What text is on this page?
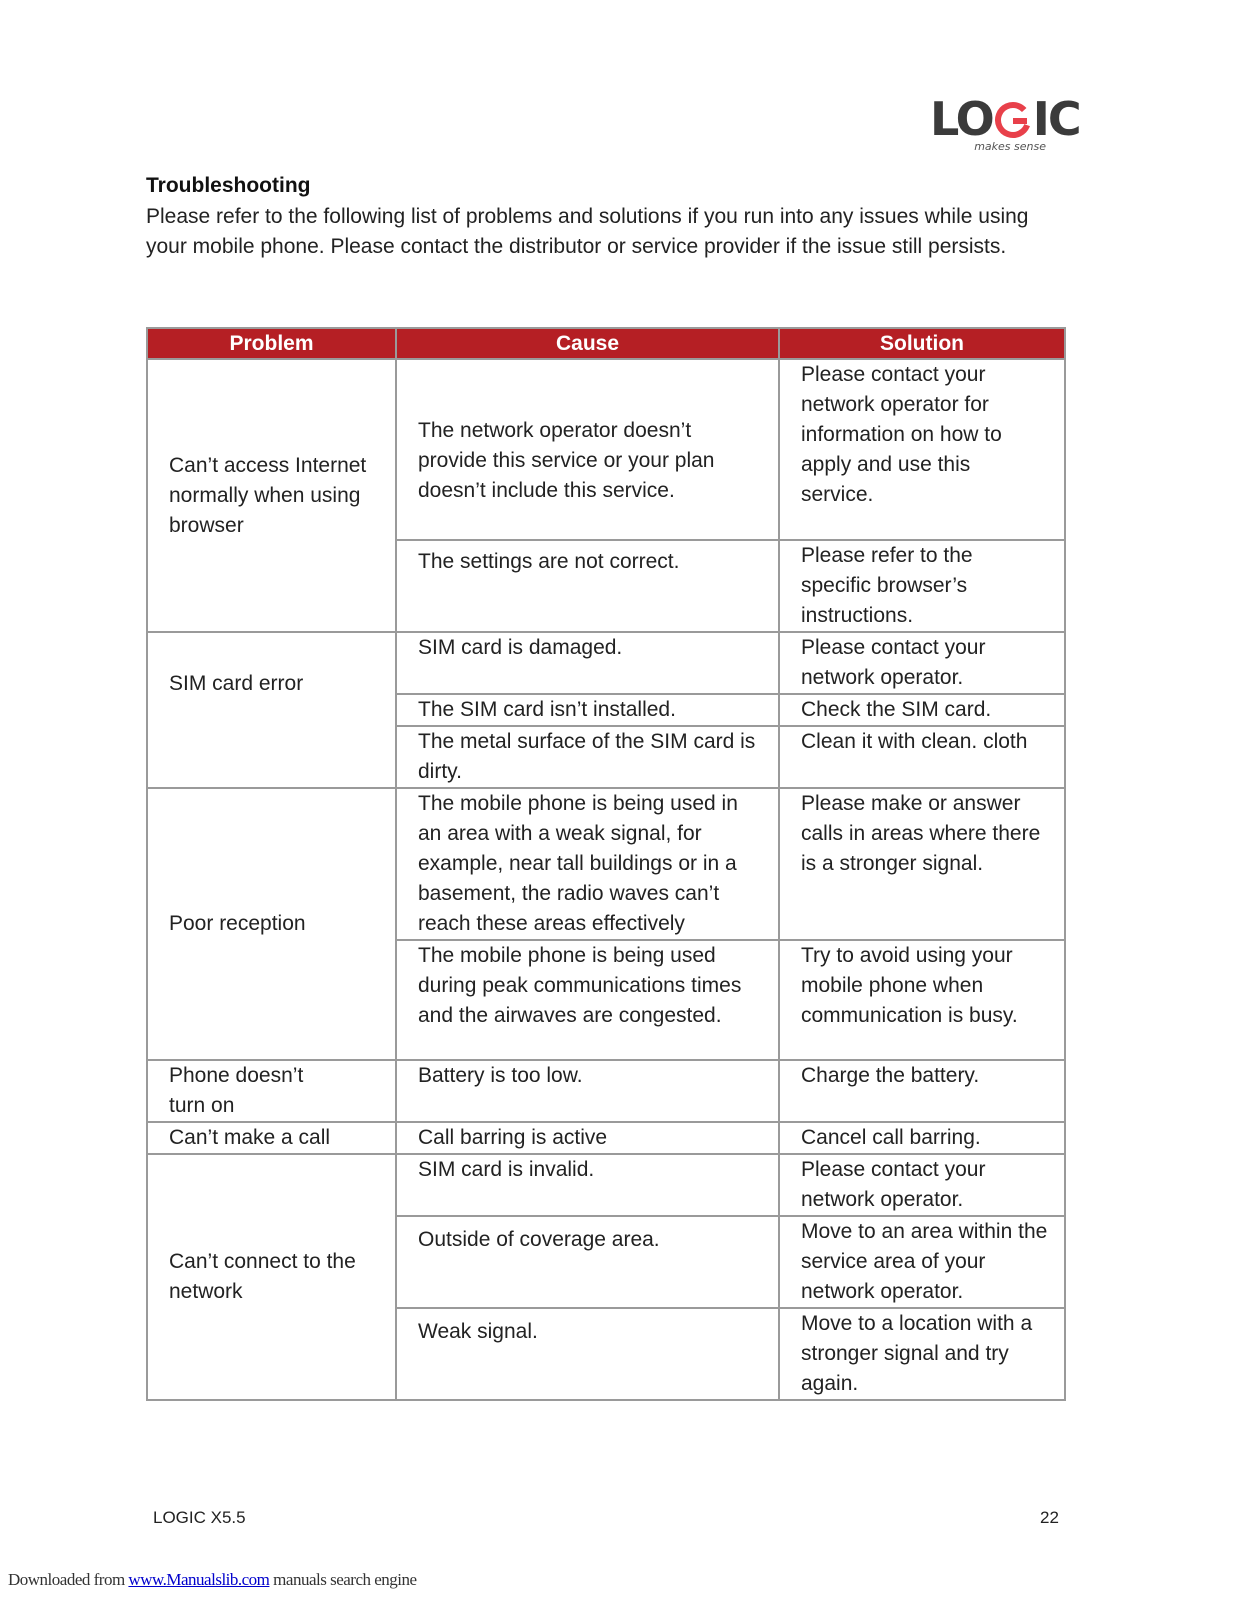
LO IC
makes sense
Troubleshooting
Please refer to the following list of problems and solutions if you run into any issues while using your mobile phone. Please contact the distributor or service provider if the issue still persists.
Problem	Cause	Solution
Can’t access Internet normally when using browser	The network operator doesn’t provide this service or your plan doesn’t include this service.	Please contact your network operator for information on how to apply and use this service.
	The settings are not correct.	Please refer to the specific browser’s instructions.
SIM card error	SIM card is damaged.	Please contact your network operator.
	The SIM card isn’t installed.	Check the SIM card.
	The metal surface of the SIM card is dirty.	Clean it with clean. cloth
Poor reception	The mobile phone is being used in an area with a weak signal, for example, near tall buildings or in a basement, the radio waves can’t reach these areas effectively	Please make or answer calls in areas where there is a stronger signal.
	The mobile phone is being used during peak communications times and the airwaves are congested.	Try to avoid using your mobile phone when communication is busy.
Phone doesn’t turn on	Battery is too low.	Charge the battery.
Can’t make a call	Call barring is active	Cancel call barring.
Can’t connect to the network	SIM card is invalid.	Please contact your network operator.
	Outside of coverage area.	Move to an area within the service area of your network operator.
	Weak signal.	Move to a location with a stronger signal and try again.
LOGIC X5.5	22
Downloaded from www.Manualslib.com manuals search engine
